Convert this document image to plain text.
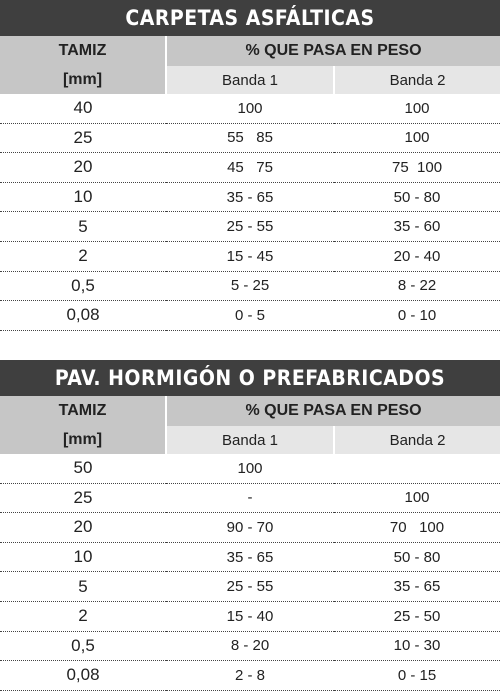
CARPETAS ASFÁLTICAS
TAMIZ
[mm]	% QUE PASA EN PESO	
	Banda 1	Banda 2
40	100	100
25	55   85	100
20	45   75	75  100
10	35 - 65	50 - 80
5	25 - 55	35 - 60
2	15 - 45	20 - 40
0,5	5 - 25	8 - 22
0,08	0 - 5	0 - 10
PAV. HORMIGÓN O PREFABRICADOS
TAMIZ
[mm]	% QUE PASA EN PESO	
	Banda 1	Banda 2
50	100	
25	-	100
20	90 - 70	70   100
10	35 - 65	50 - 80
5	25 - 55	35 - 65
2	15 - 40	25 - 50
0,5	8 - 20	10 - 30
0,08	2 - 8	0 - 15
